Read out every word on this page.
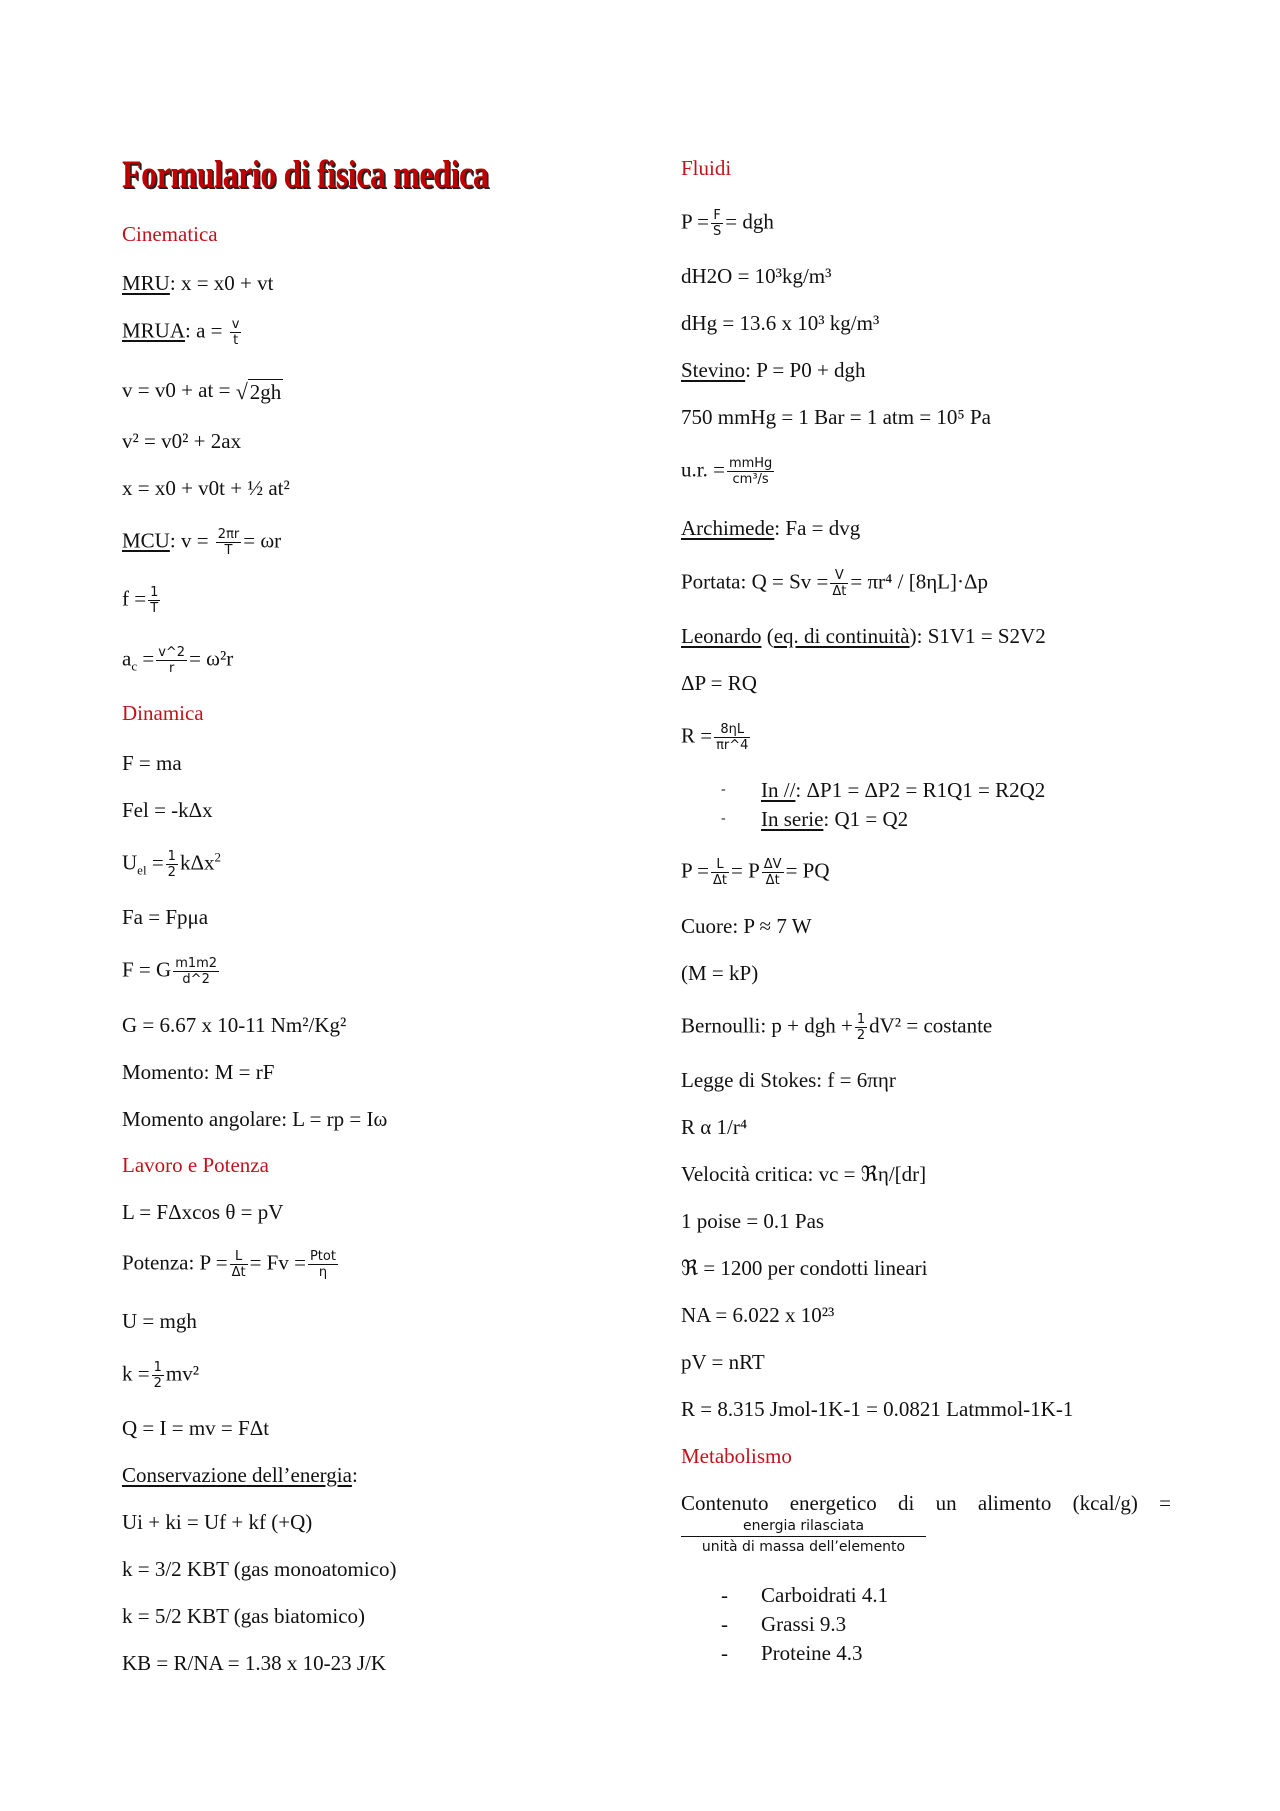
Formulario di fisica medica
Cinematica
MRU: x = x0 + vt
MRUA: $a = \frac{v}{t}$
v = v0 + at = √2gh
v² = v0² + 2ax
x = x0 + v0t + ½ at²
MCU: $v = \frac{2\pi r}{T} = \omega r$
$f = \frac{1}{T}$
$a_c = \frac{v\^{}2}{r} = \omega^2r$
Dinamica
F = ma
Fel = -kΔx
$U_{el} = \frac{1}{2} k\Delta x^2$
Fa = Fpμa
F = G $\frac{m1m2}{d\^{}2}$
G = 6.67 x 10-11 Nm²/Kg²
Momento: M = rF
Momento angolare: L = rp = Iω
Lavoro e Potenza
L = FΔxcos θ = pV
Potenza: $P = \frac{L}{\Delta t} = Fv = \frac{\text{Ptot}}{\eta}$
U = mgh
$k = \frac{1}{2} mv^2$
Q = I = mv = FΔt
Conservazione dell’energia:
Ui + ki = Uf + kf (+Q)
k = 3/2 KBT (gas monoatomico)
k = 5/2 KBT (gas biatomico)
KB = R/NA = 1.38 x 10-23 J/K
Fluidi
$P = \frac{F}{S}$ = dgh
dH2O = 10³kg/m³
dHg = 13.6 x 10³ kg/m³
Stevino: P = P0 + dgh
750 mmHg = 1 Bar = 1 atm = 10⁵ Pa
u.r. = $\frac{\text{mmHg}}{\text{cm³/s}}$
Archimede: Fa = dvg
Portata: $Q = Sv = \frac{V}{\Delta t} = \pi r^4 / [8\eta L]\cdot\Delta p$
Leonardo (eq. di continuità): S1V1 = S2V2
ΔP = RQ
$R = \frac{8\eta L}{\pi r\^{}4}$
-	In //: ΔP1 = ΔP2 = R1Q1 = R2Q2
-	In serie: Q1 = Q2
$P = \frac{L}{\Delta t} = P \frac{\Delta V}{\Delta t}$ = PQ
Cuore: P ≈ 7 W
(M = kP)
Bernoulli: p + dgh + $\frac{1}{2} dV^2$ = costante
Legge di Stokes: f = 6πηr
R α 1/r⁴
Velocità critica: vc = ℜη/[dr]
1 poise = 0.1 Pas
ℜ = 1200 per condotti lineari
NA = 6.022 x 10²³
pV = nRT
R = 8.315 Jmol-1K-1 = 0.0821 Latmmol-1K-1
Metabolismo
Contenuto energetico di un alimento (kcal/g) =
energia rilasciata
unità di massa dell’elemento
-	Carboidrati 4.1
-	Grassi 9.3
-	Proteine 4.3
